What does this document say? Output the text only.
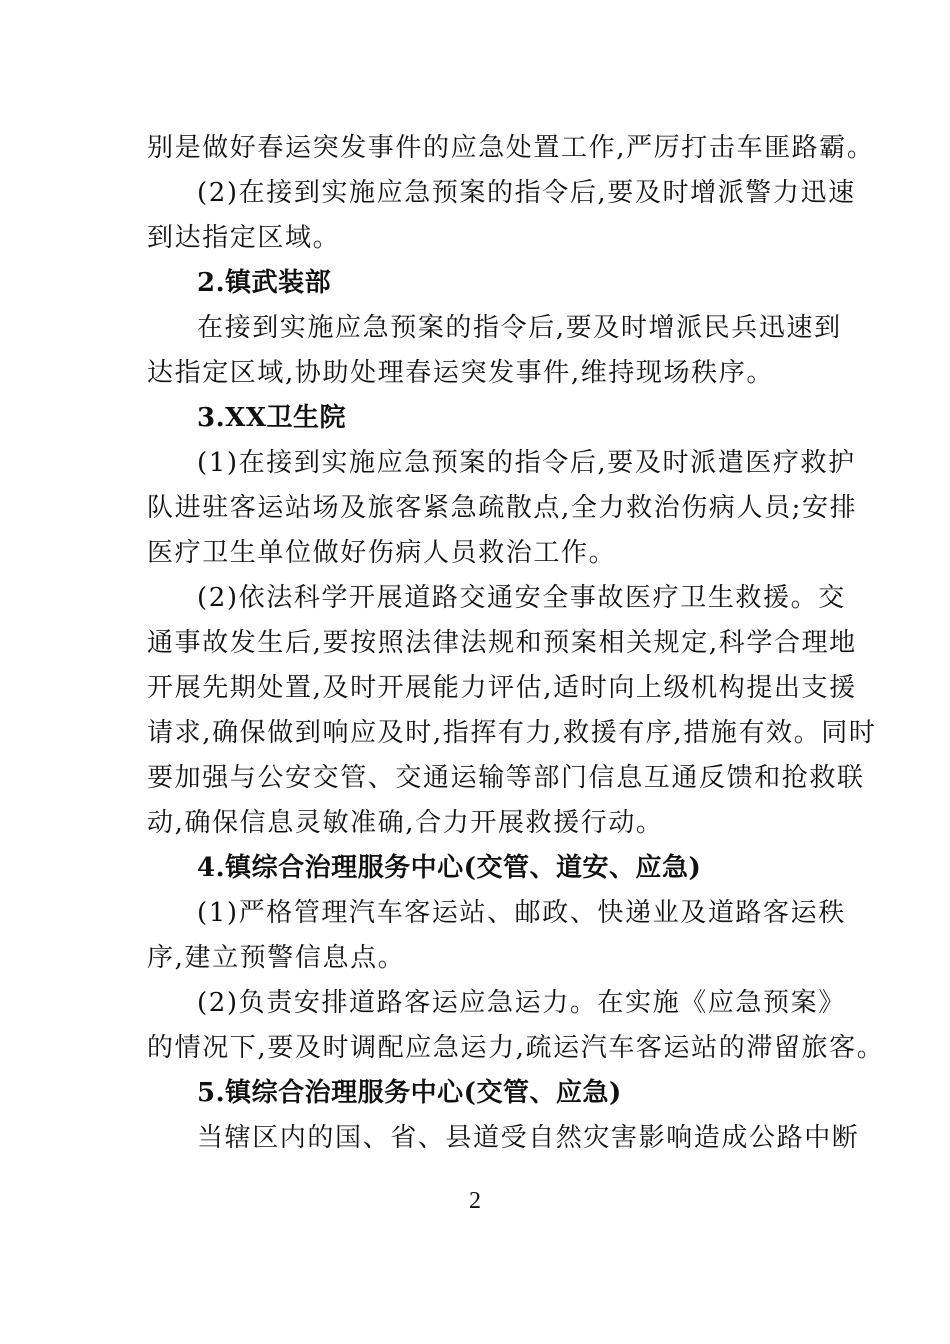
别是做好春运突发事件的应急处置工作,严厉打击车匪路霸。
(2)在接到实施应急预案的指令后,要及时增派警力迅速
到达指定区域。
2.镇武装部
在接到实施应急预案的指令后,要及时增派民兵迅速到
达指定区域,协助处理春运突发事件,维持现场秩序。
3.XX卫生院
(1)在接到实施应急预案的指令后,要及时派遣医疗救护
队进驻客运站场及旅客紧急疏散点,全力救治伤病人员;安排
医疗卫生单位做好伤病人员救治工作。
(2)依法科学开展道路交通安全事故医疗卫生救援。交
通事故发生后,要按照法律法规和预案相关规定,科学合理地
开展先期处置,及时开展能力评估,适时向上级机构提出支援
请求,确保做到响应及时,指挥有力,救援有序,措施有效。同时
要加强与公安交管、交通运输等部门信息互通反馈和抢救联
动,确保信息灵敏准确,合力开展救援行动。
4.镇综合治理服务中心(交管、道安、应急)
(1)严格管理汽车客运站、邮政、快递业及道路客运秩
序,建立预警信息点。
(2)负责安排道路客运应急运力。在实施《应急预案》
的情况下,要及时调配应急运力,疏运汽车客运站的滞留旅客。
5.镇综合治理服务中心(交管、应急)
当辖区内的国、省、县道受自然灾害影响造成公路中断
2
